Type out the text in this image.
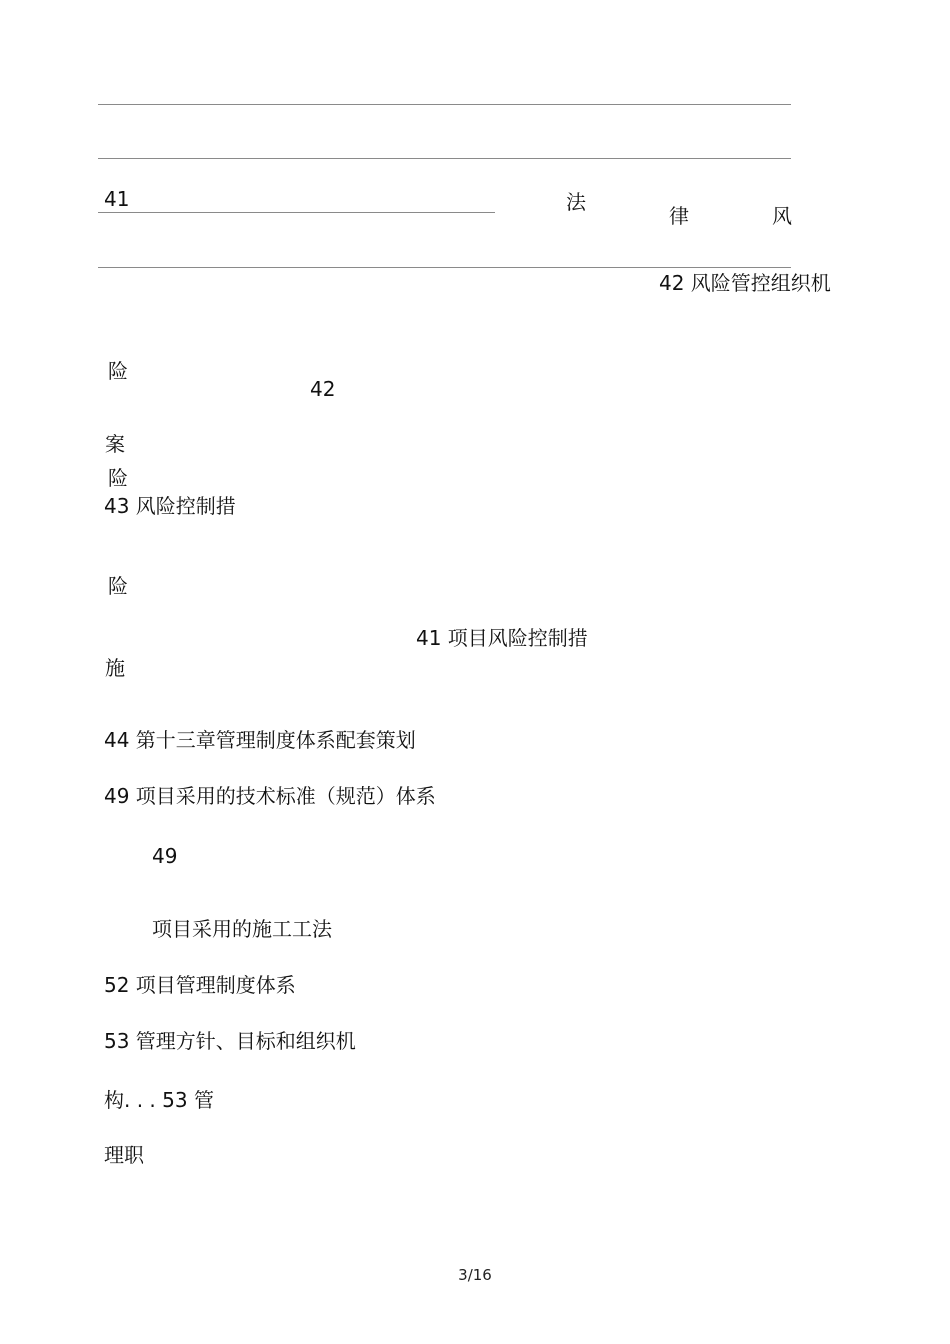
41	法
律	风
42 风险管控组织机
险
42
案
险
43 风险控制措
险
41 项目风险控制措
施
44 第十三章管理制度体系配套策划
49 项目采用的技术标准（规范）体系
49
项目采用的施工工法
52 项目管理制度体系
53 管理方针、目标和组织机
构. . . 53 管
理职
3/16
